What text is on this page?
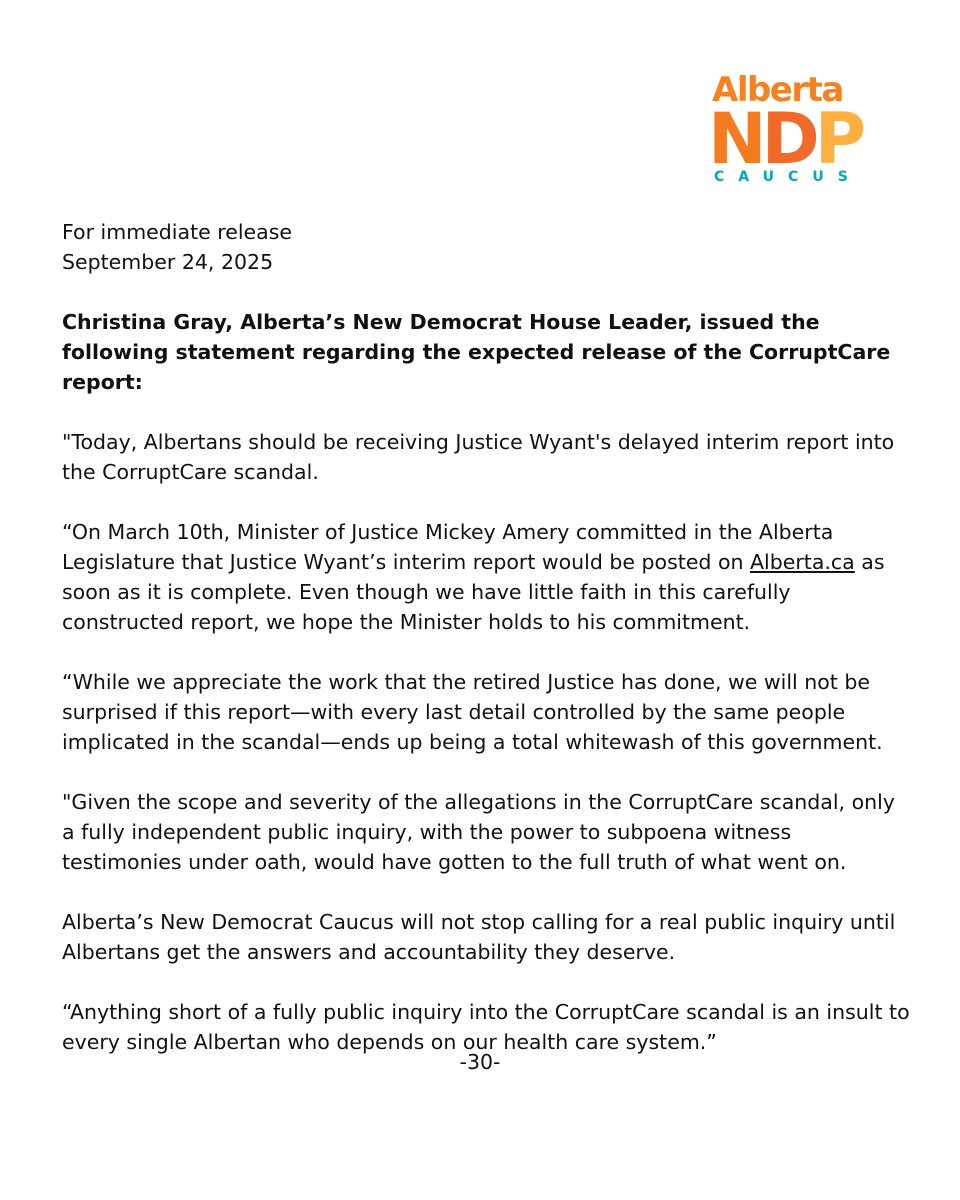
Alberta
NDP
CAUCUS

For immediate release
September 24, 2025

Christina Gray, Alberta’s New Democrat House Leader, issued the following statement regarding the expected release of the CorruptCare report:

"Today, Albertans should be receiving Justice Wyant's delayed interim report into the CorruptCare scandal.

“On March 10th, Minister of Justice Mickey Amery committed in the Alberta Legislature that Justice Wyant’s interim report would be posted on Alberta.ca as soon as it is complete. Even though we have little faith in this carefully constructed report, we hope the Minister holds to his commitment.

“While we appreciate the work that the retired Justice has done, we will not be surprised if this report—with every last detail controlled by the same people implicated in the scandal—ends up being a total whitewash of this government.

"Given the scope and severity of the allegations in the CorruptCare scandal, only a fully independent public inquiry, with the power to subpoena witness testimonies under oath, would have gotten to the full truth of what went on.

Alberta’s New Democrat Caucus will not stop calling for a real public inquiry until Albertans get the answers and accountability they deserve.

“Anything short of a fully public inquiry into the CorruptCare scandal is an insult to every single Albertan who depends on our health care system.”

-30-
